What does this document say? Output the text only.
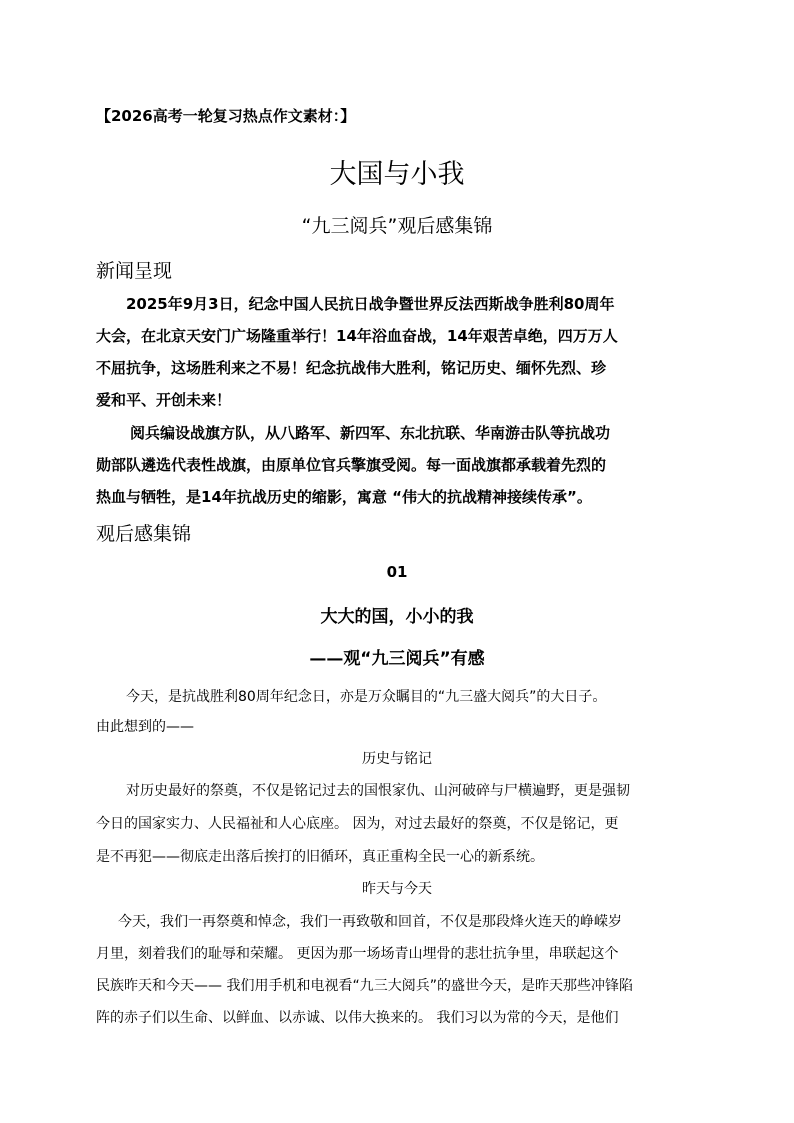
【2026高考一轮复习热点作文素材：】
大国与小我
“九三阅兵”观后感集锦
新闻呈现
2025年9月3日，纪念中国人民抗日战争暨世界反法西斯战争胜利80周年
大会，在北京天安门广场隆重举行！14年浴血奋战，14年艰苦卓绝，四万万人
不屈抗争，这场胜利来之不易！纪念抗战伟大胜利，铭记历史、缅怀先烈、珍
爱和平、开创未来！
阅兵编设战旗方队，从八路军、新四军、东北抗联、华南游击队等抗战功
勋部队遴选代表性战旗，由原单位官兵擎旗受阅。每一面战旗都承载着先烈的
热血与牺牲，是14年抗战历史的缩影，寓意 “伟大的抗战精神接续传承”。
观后感集锦
01
大大的国，小小的我
——观“九三阅兵”有感
今天，是抗战胜利80周年纪念日，亦是万众瞩目的“九三盛大阅兵”的大日子。
由此想到的——
历史与铭记
对历史最好的祭奠，不仅是铭记过去的国恨家仇、山河破碎与尸横遍野，更是强韧
今日的国家实力、人民福祉和人心底座。 因为，对过去最好的祭奠，不仅是铭记，更
是不再犯——彻底走出落后挨打的旧循环，真正重构全民一心的新系统。
昨天与今天
今天，我们一再祭奠和悼念，我们一再致敬和回首，不仅是那段烽火连天的峥嵘岁
月里，刻着我们的耻辱和荣耀。 更因为那一场场青山埋骨的悲壮抗争里，串联起这个
民族昨天和今天—— 我们用手机和电视看“九三大阅兵”的盛世今天，是昨天那些冲锋陷
阵的赤子们以生命、以鲜血、以赤诚、以伟大换来的。 我们习以为常的今天，是他们
